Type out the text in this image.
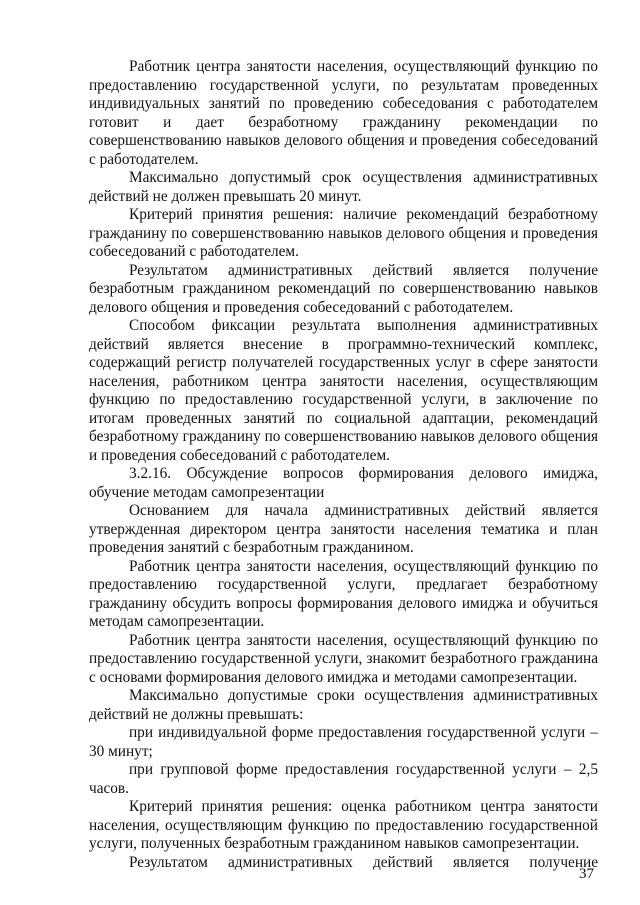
Работник центра занятости населения, осуществляющий функцию по предоставлению государственной услуги, по результатам проведенных индивидуальных занятий по проведению собеседования с работодателем готовит и дает безработному гражданину рекомендации по совершенствованию навыков делового общения и проведения собеседований с работодателем.

Максимально допустимый срок осуществления административных действий не должен превышать 20 минут.

Критерий принятия решения: наличие рекомендаций безработному гражданину по совершенствованию навыков делового общения и проведения собеседований с работодателем.

Результатом административных действий является получение безработным гражданином рекомендаций по совершенствованию навыков делового общения и проведения собеседований с работодателем.

Способом фиксации результата выполнения административных действий является внесение в программно-технический комплекс, содержащий регистр получателей государственных услуг в сфере занятости населения, работником центра занятости населения, осуществляющим функцию по предоставлению государственной услуги, в заключение по итогам проведенных занятий по социальной адаптации, рекомендаций безработному гражданину по совершенствованию навыков делового общения и проведения собеседований с работодателем.

3.2.16. Обсуждение вопросов формирования делового имиджа, обучение методам самопрезентации

Основанием для начала административных действий является утвержденная директором центра занятости населения тематика и план проведения занятий с безработным гражданином.

Работник центра занятости населения, осуществляющий функцию по предоставлению государственной услуги, предлагает безработному гражданину обсудить вопросы формирования делового имиджа и обучиться методам самопрезентации.

Работник центра занятости населения, осуществляющий функцию по предоставлению государственной услуги, знакомит безработного гражданина с основами формирования делового имиджа и методами самопрезентации.

Максимально допустимые сроки осуществления административных действий не должны превышать:

при индивидуальной форме предоставления государственной услуги – 30 минут;

при групповой форме предоставления государственной услуги – 2,5 часов.

Критерий принятия решения: оценка работником центра занятости населения, осуществляющим функцию по предоставлению государственной услуги, полученных безработным гражданином навыков самопрезентации.

Результатом административных действий является получение

37
